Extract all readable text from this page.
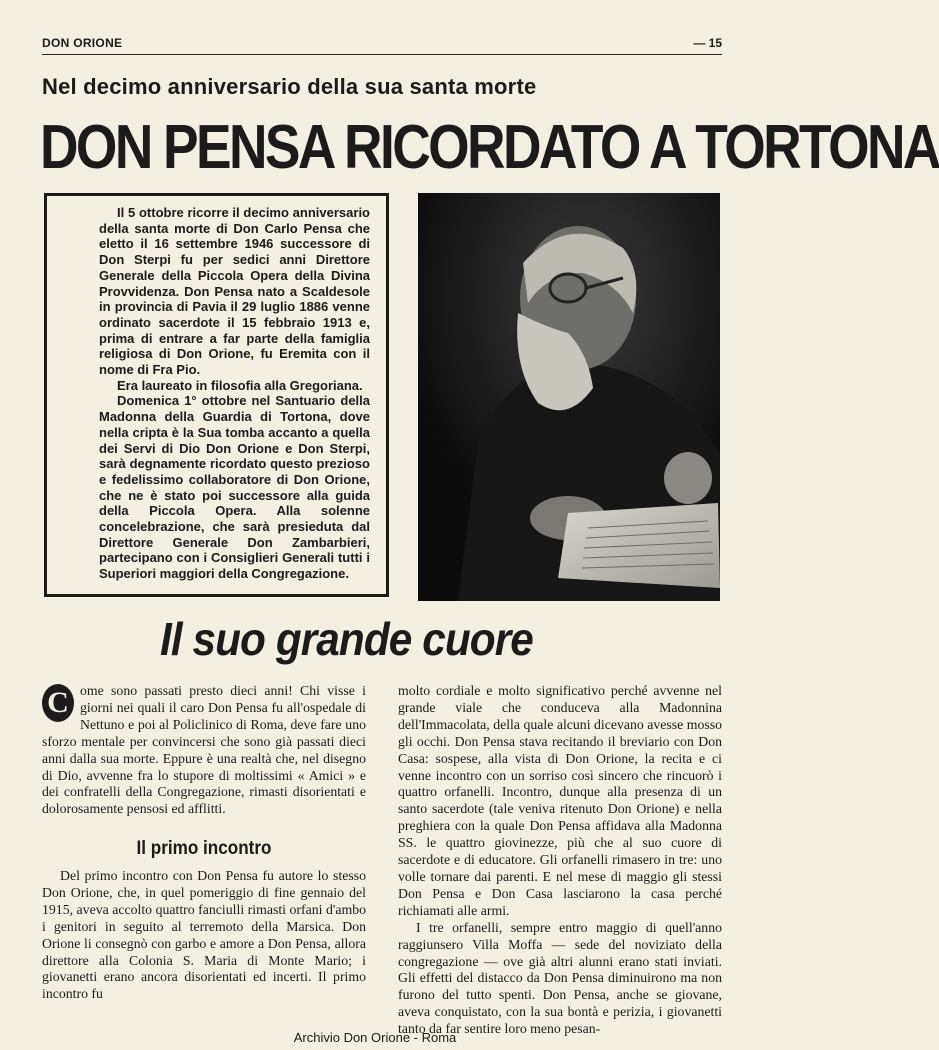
DON ORIONE	— 15
Nel decimo anniversario della sua santa morte
DON PENSA RICORDATO A TORTONA

Il 5 ottobre ricorre il decimo anniversario della santa morte di Don Carlo Pensa che eletto il 16 settembre 1946 successore di Don Sterpi fu per sedici anni Direttore Generale della Piccola Opera della Divina Provvidenza. Don Pensa nato a Scaldesole in provincia di Pavia il 29 luglio 1886 venne ordinato sacerdote il 15 febbraio 1913 e, prima di entrare a far parte della famiglia religiosa di Don Orione, fu Eremita con il nome di Fra Pio.

Era laureato in filosofia alla Gregoriana.

Domenica 1° ottobre nel Santuario della Madonna della Guardia di Tortona, dove nella cripta è la Sua tomba accanto a quella dei Servi di Dio Don Orione e Don Sterpi, sarà degnamente ricordato questo prezioso e fedelissimo collaboratore di Don Orione, che ne è stato poi successore alla guida della Piccola Opera. Alla solenne concelebrazione, che sarà presieduta dal Direttore Generale Don Zambarbieri, partecipano con i Consiglieri Generali tutti i Superiori maggiori della Congregazione.

Il suo grande cuore

C ome sono passati presto dieci anni! Chi visse i giorni nei quali il caro Don Pensa fu all'ospedale di Nettuno e poi al Policlinico di Roma, deve fare uno sforzo mentale per convincersi che sono già passati dieci anni dalla sua morte. Eppure è una realtà che, nel disegno di Dio, avvenne fra lo stupore di moltissimi « Amici » e dei confratelli della Congregazione, rimasti disorientati e dolorosamente pensosi ed afflitti.

Il primo incontro

Del primo incontro con Don Pensa fu autore lo stesso Don Orione, che, in quel pomeriggio di fine gennaio del 1915, aveva accolto quattro fanciulli rimasti orfani d'ambo i genitori in seguito al terremoto della Marsica. Don Orione li consegnò con garbo e amore a Don Pensa, allora direttore alla Colonia S. Maria di Monte Mario; i giovanetti erano ancora disorientati ed incerti. Il primo incontro fu

molto cordiale e molto significativo perché avvenne nel grande viale che conduceva alla Madonnina dell'Immacolata, della quale alcuni dicevano avesse mosso gli occhi. Don Pensa stava recitando il breviario con Don Casa: sospese, alla vista di Don Orione, la recita e ci venne incontro con un sorriso così sincero che rincuorò i quattro orfanelli. Incontro, dunque alla presenza di un santo sacerdote (tale veniva ritenuto Don Orione) e nella preghiera con la quale Don Pensa affidava alla Madonna SS. le quattro giovinezze, più che al suo cuore di sacerdote e di educatore. Gli orfanelli rimasero in tre: uno volle tornare dai parenti. E nel mese di maggio gli stessi Don Pensa e Don Casa lasciarono la casa perché richiamati alle armi.

I tre orfanelli, sempre entro maggio di quell'anno raggiunsero Villa Moffa — sede del noviziato della congregazione — ove già altri alunni erano stati inviati. Gli effetti del distacco da Don Pensa diminuirono ma non furono del tutto spenti. Don Pensa, anche se giovane, aveva conquistato, con la sua bontà e perizia, i giovanetti tanto da far sentire loro meno pesan-

Archivio Don Orione - Roma
